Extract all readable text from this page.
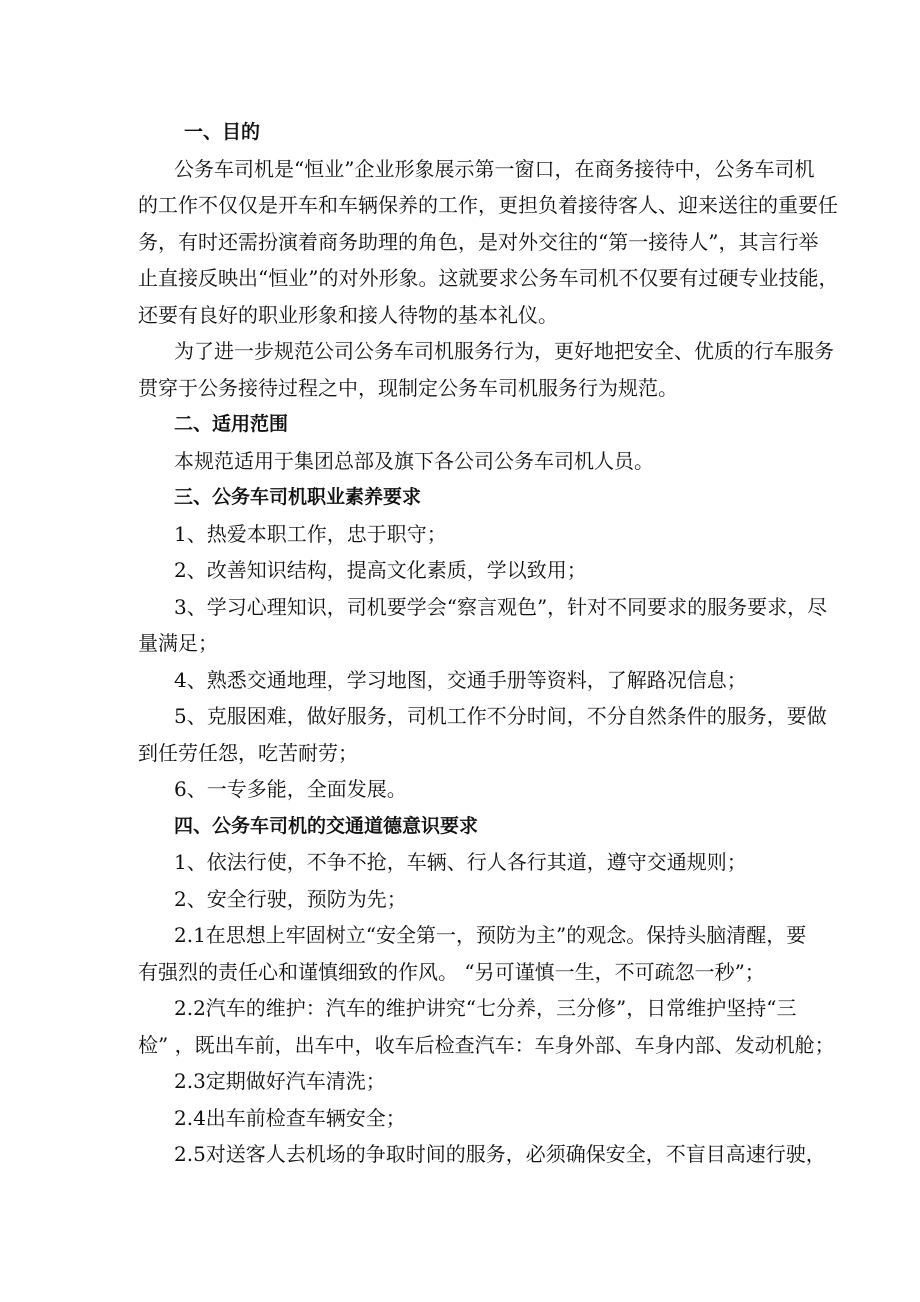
一、目的

公务车司机是“恒业”企业形象展示第一窗口，在商务接待中，公务车司机

的工作不仅仅是开车和车辆保养的工作，更担负着接待客人、迎来送往的重要任

务，有时还需扮演着商务助理的角色，是对外交往的“第一接待人”，其言行举

止直接反映出“恒业”的对外形象。这就要求公务车司机不仅要有过硬专业技能，

还要有良好的职业形象和接人待物的基本礼仪。

为了进一步规范公司公务车司机服务行为，更好地把安全、优质的行车服务

贯穿于公务接待过程之中，现制定公务车司机服务行为规范。

二、适用范围

本规范适用于集团总部及旗下各公司公务车司机人员。

三、公务车司机职业素养要求

1、热爱本职工作，忠于职守；

2、改善知识结构，提高文化素质，学以致用；

3、学习心理知识，司机要学会“察言观色”，针对不同要求的服务要求，尽

量满足；

4、熟悉交通地理，学习地图，交通手册等资料，了解路况信息；

5、克服困难，做好服务，司机工作不分时间，不分自然条件的服务，要做

到任劳任怨，吃苦耐劳；

6、一专多能，全面发展。

四、公务车司机的交通道德意识要求

1、依法行使，不争不抢，车辆、行人各行其道，遵守交通规则；

2、安全行驶，预防为先；

2.1在思想上牢固树立“安全第一，预防为主”的观念。保持头脑清醒，要

有强烈的责任心和谨慎细致的作风。 “另可谨慎一生，不可疏忽一秒”；

2.2汽车的维护：汽车的维护讲究“七分养，三分修”，日常维护坚持“三

检” ，既出车前，出车中，收车后检查汽车：车身外部、车身内部、发动机舱；

2.3定期做好汽车清洗；

2.4出车前检查车辆安全；

2.5对送客人去机场的争取时间的服务，必须确保安全，不盲目高速行驶，
